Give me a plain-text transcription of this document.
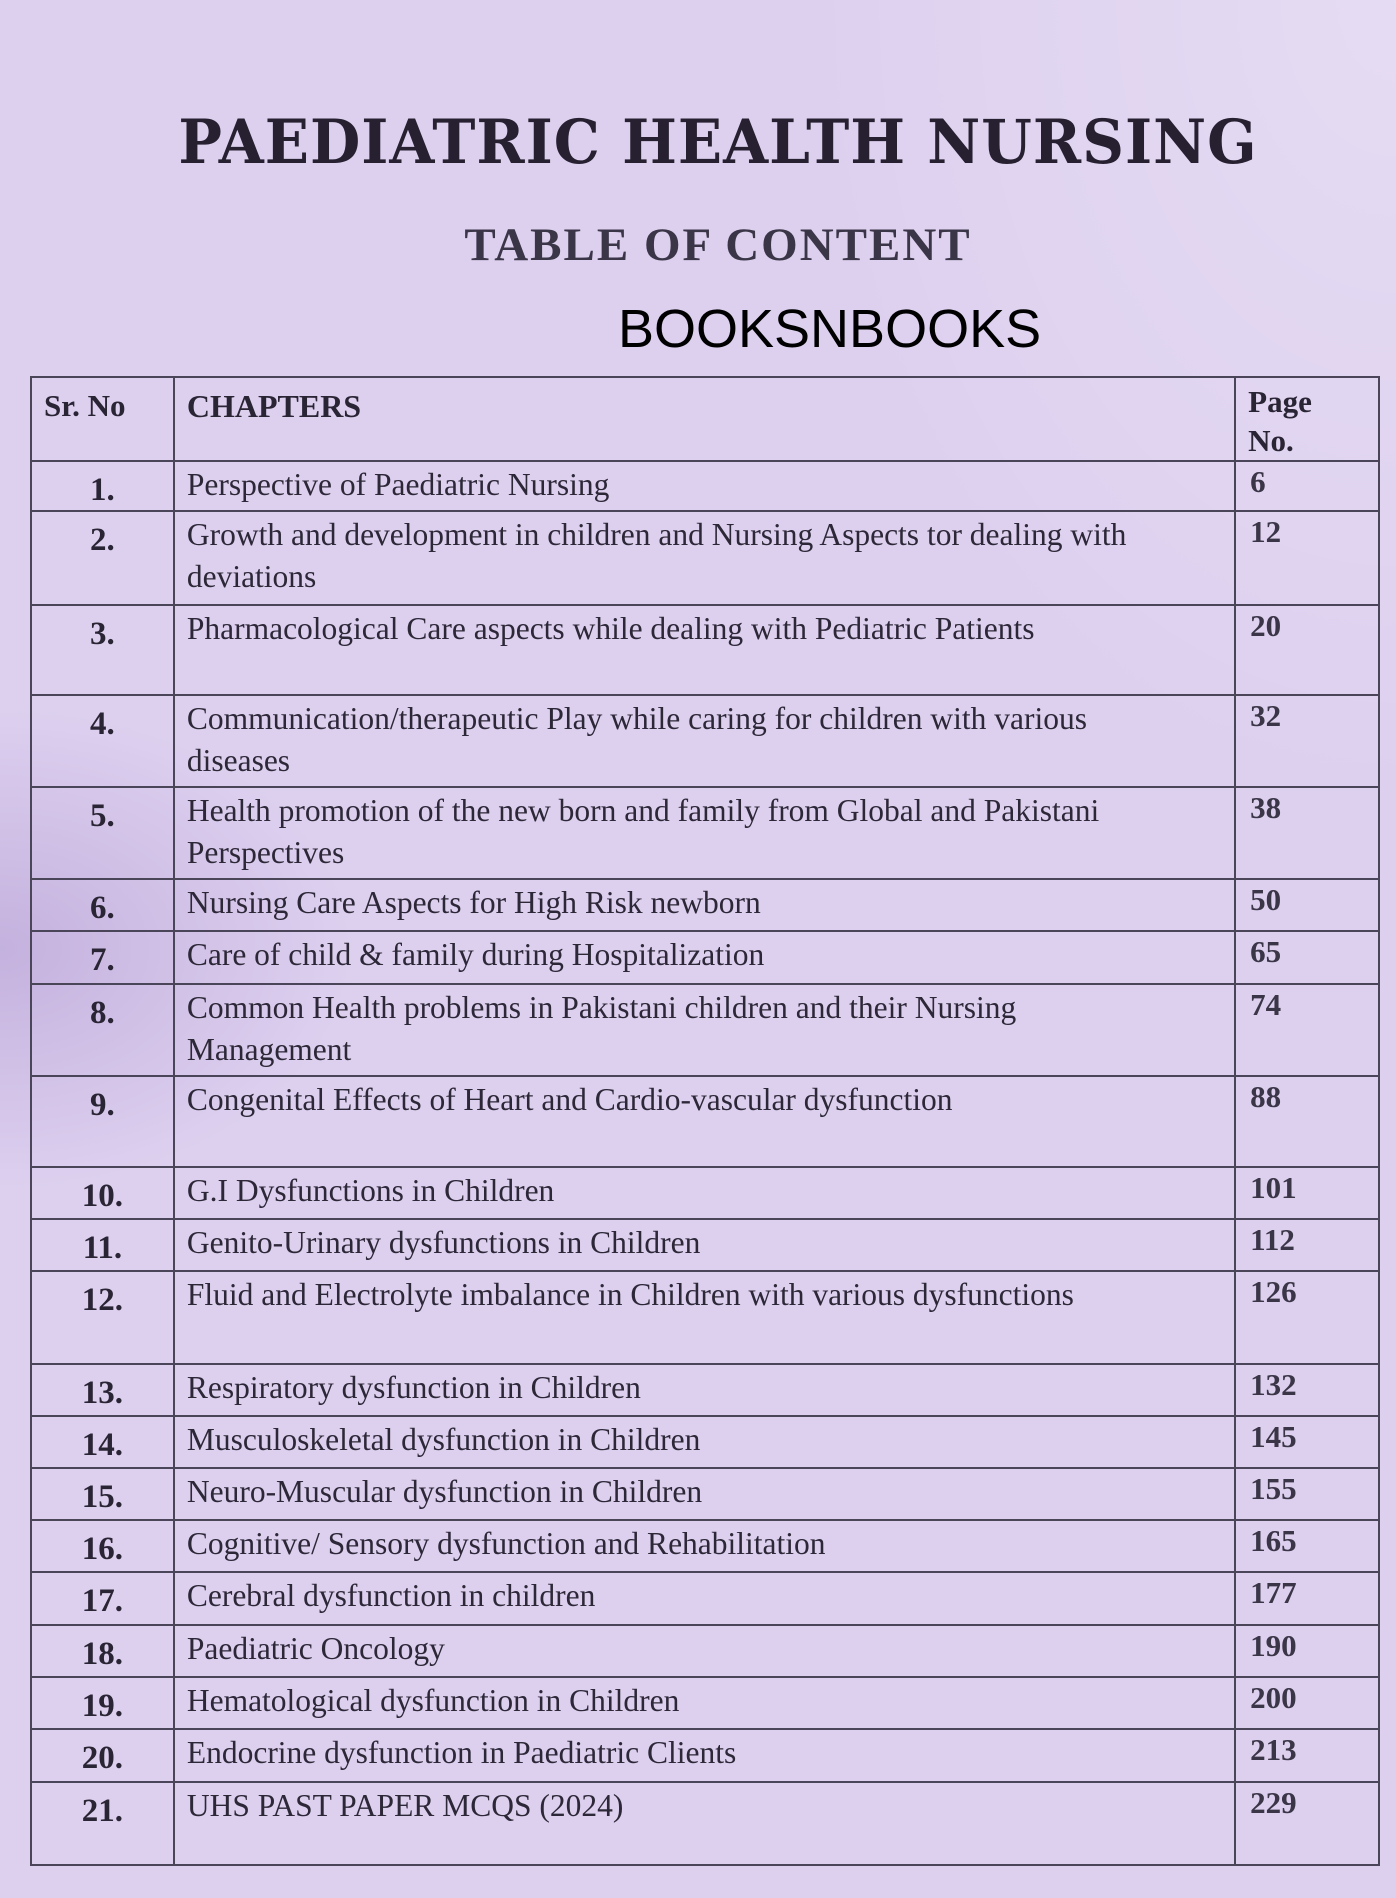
PAEDIATRIC HEALTH NURSING
TABLE OF CONTENT
BOOKSNBOOKS
Sr. No	CHAPTERS	Page
No.

1.	Perspective of Paediatric Nursing	6
2.	Growth and development in children and Nursing Aspects tor dealing with deviations	12
3.	Pharmacological Care aspects while dealing with Pediatric Patients	20
4.	Communication/therapeutic Play while caring for children with various diseases	32
5.	Health promotion of the new born and family from Global and Pakistani Perspectives	38
6.	Nursing Care Aspects for High Risk newborn	50
7.	Care of child & family during Hospitalization	65
8.	Common Health problems in Pakistani children and their Nursing Management	74
9.	Congenital Effects of Heart and Cardio-vascular dysfunction	88
10.	G.I Dysfunctions in Children	101
11.	Genito-Urinary dysfunctions in Children	112
12.	Fluid and Electrolyte imbalance in Children with various dysfunctions	126
13.	Respiratory dysfunction in Children	132
14.	Musculoskeletal dysfunction in Children	145
15.	Neuro-Muscular dysfunction in Children	155
16.	Cognitive/ Sensory dysfunction and Rehabilitation	165
17.	Cerebral dysfunction in children	177
18.	Paediatric Oncology	190
19.	Hematological dysfunction in Children	200
20.	Endocrine dysfunction in Paediatric Clients	213
21.	UHS PAST PAPER MCQS (2024)	229
